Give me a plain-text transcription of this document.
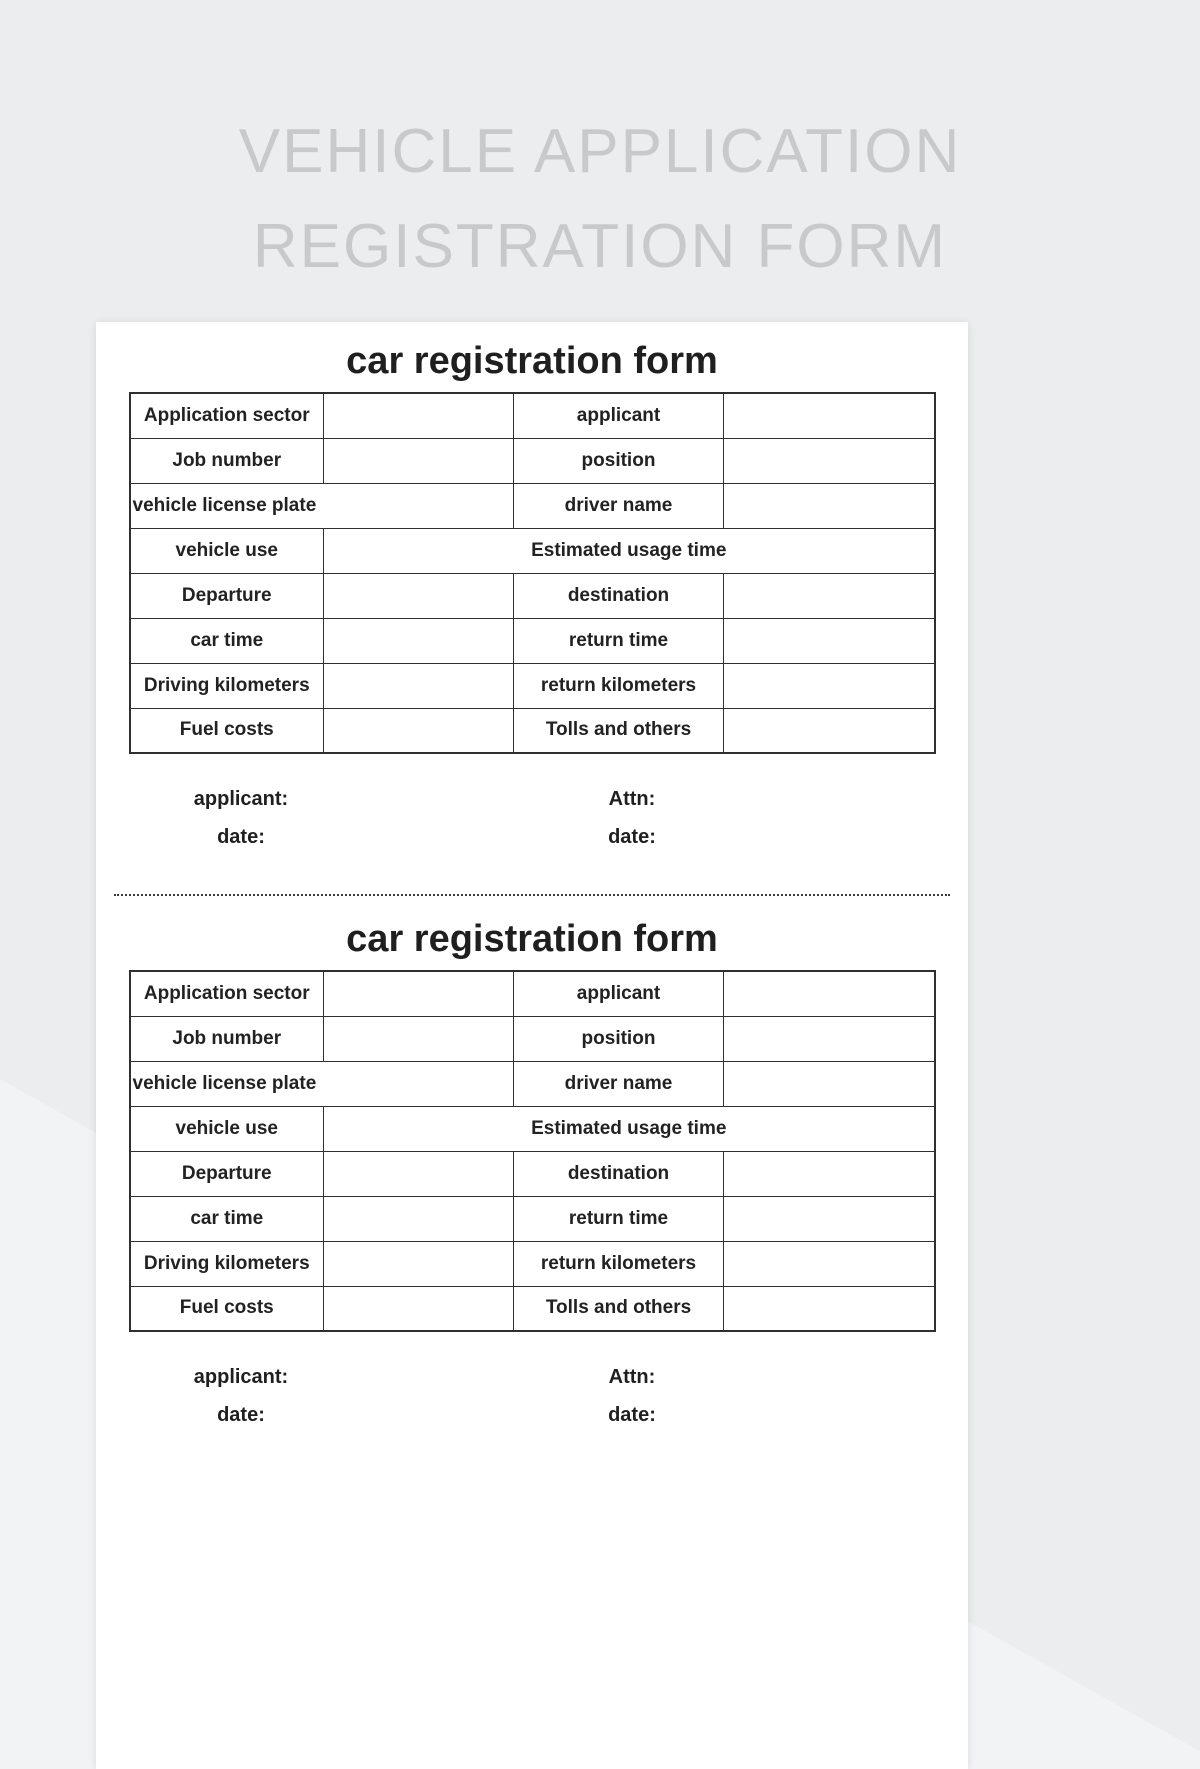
VEHICLE APPLICATION
REGISTRATION FORM
car registration form
Application sector		applicant	
Job number		position	
vehicle license plate		driver name	
vehicle use	Estimated usage time		
Departure		destination	
car time		return time	
Driving kilometers		return kilometers	
Fuel costs		Tolls and others	
applicant:	Attn:
date:	date:
car registration form
Application sector		applicant	
Job number		position	
vehicle license plate		driver name	
vehicle use	Estimated usage time		
Departure		destination	
car time		return time	
Driving kilometers		return kilometers	
Fuel costs		Tolls and others	
applicant:	Attn:
date:	date:
